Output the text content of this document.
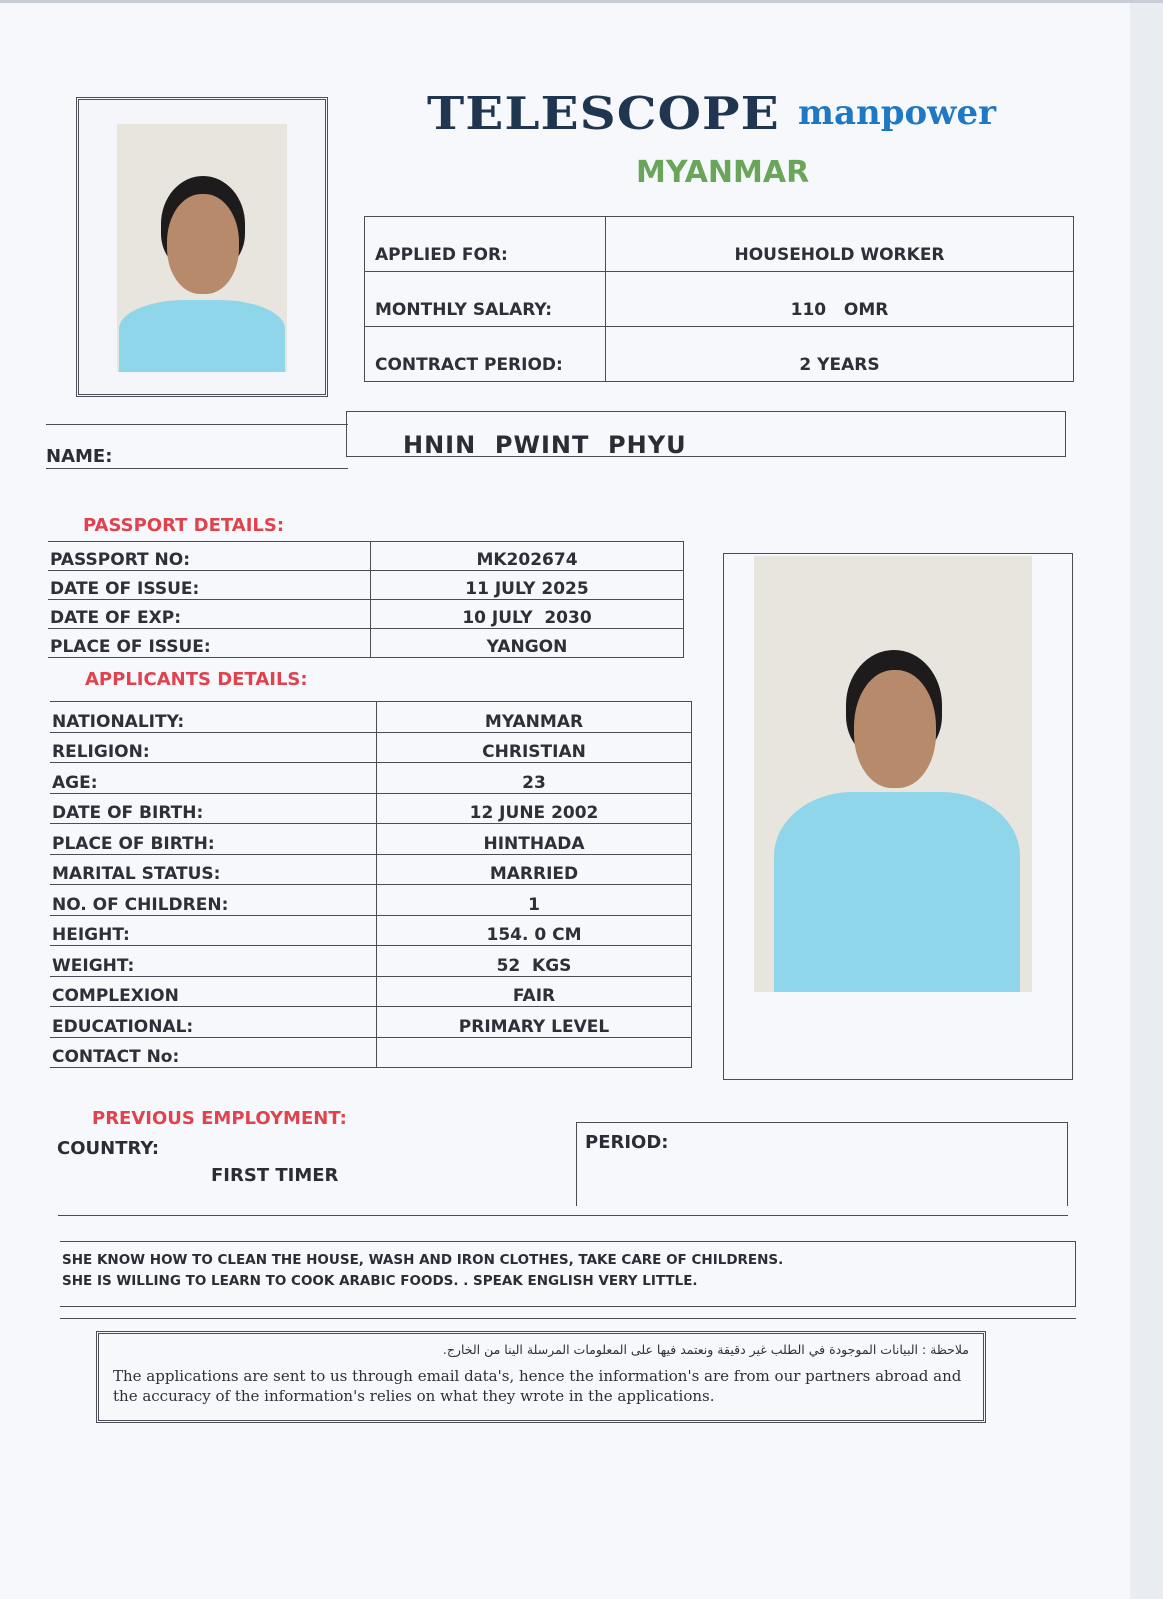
TELESCOPE manpower
MYANMAR
APPLIED FOR:	HOUSEHOLD WORKER
MONTHLY SALARY:	110   OMR
CONTRACT PERIOD:	2 YEARS
NAME:	HNIN  PWINT  PHYU
PASSPORT DETAILS:
PASSPORT NO:	MK202674
DATE OF ISSUE:	11 JULY 2025
DATE OF EXP:	10 JULY  2030
PLACE OF ISSUE:	YANGON
APPLICANTS DETAILS:
NATIONALITY:	MYANMAR
RELIGION:	CHRISTIAN
AGE:	23
DATE OF BIRTH:	12 JUNE 2002
PLACE OF BIRTH:	HINTHADA
MARITAL STATUS:	MARRIED
NO. OF CHILDREN:	1
HEIGHT:	154. 0 CM
WEIGHT:	52  KGS
COMPLEXION	FAIR
EDUCATIONAL:	PRIMARY LEVEL
CONTACT No:	
PREVIOUS EMPLOYMENT:
COUNTRY:
FIRST TIMER
PERIOD:
SHE KNOW HOW TO CLEAN THE HOUSE, WASH AND IRON CLOTHES, TAKE CARE OF CHILDRENS.
SHE IS WILLING TO LEARN TO COOK ARABIC FOODS. . SPEAK ENGLISH VERY LITTLE.
ملاحظة : البيانات الموجودة في الطلب غير دقيقة ونعتمد فيها على المعلومات المرسلة الينا من الخارج.
The applications are sent to us through email data's, hence the information's are from our partners abroad and the accuracy of the information's relies on what they wrote in the applications.
